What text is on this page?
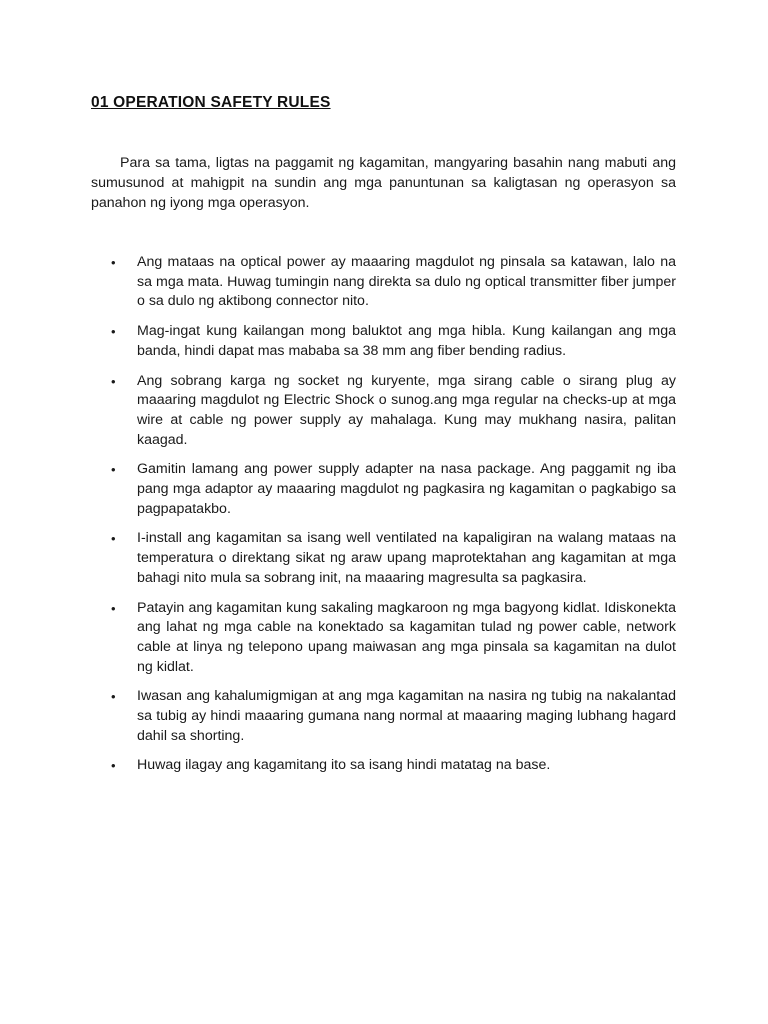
01 OPERATION SAFETY RULES

Para sa tama, ligtas na paggamit ng kagamitan, mangyaring basahin nang mabuti ang sumusunod at mahigpit na sundin ang mga panuntunan sa kaligtasan ng operasyon sa panahon ng iyong mga operasyon.

• Ang mataas na optical power ay maaaring magdulot ng pinsala sa katawan, lalo na sa mga mata. Huwag tumingin nang direkta sa dulo ng optical transmitter fiber jumper o sa dulo ng aktibong connector nito.
• Mag-ingat kung kailangan mong baluktot ang mga hibla. Kung kailangan ang mga banda, hindi dapat mas mababa sa 38 mm ang fiber bending radius.
• Ang sobrang karga ng socket ng kuryente, mga sirang cable o sirang plug ay maaaring magdulot ng Electric Shock o sunog.ang mga regular na checks-up at mga wire at cable ng power supply ay mahalaga. Kung may mukhang nasira, palitan kaagad.
• Gamitin lamang ang power supply adapter na nasa package. Ang paggamit ng iba pang mga adaptor ay maaaring magdulot ng pagkasira ng kagamitan o pagkabigo sa pagpapatakbo.
• I-install ang kagamitan sa isang well ventilated na kapaligiran na walang mataas na temperatura o direktang sikat ng araw upang maprotektahan ang kagamitan at mga bahagi nito mula sa sobrang init, na maaaring magresulta sa pagkasira.
• Patayin ang kagamitan kung sakaling magkaroon ng mga bagyong kidlat. Idiskonekta ang lahat ng mga cable na konektado sa kagamitan tulad ng power cable, network cable at linya ng telepono upang maiwasan ang mga pinsala sa kagamitan na dulot ng kidlat.
• Iwasan ang kahalumigmigan at ang mga kagamitan na nasira ng tubig na nakalantad sa tubig ay hindi maaaring gumana nang normal at maaaring maging lubhang hagard dahil sa shorting.
• Huwag ilagay ang kagamitang ito sa isang hindi matatag na base.
